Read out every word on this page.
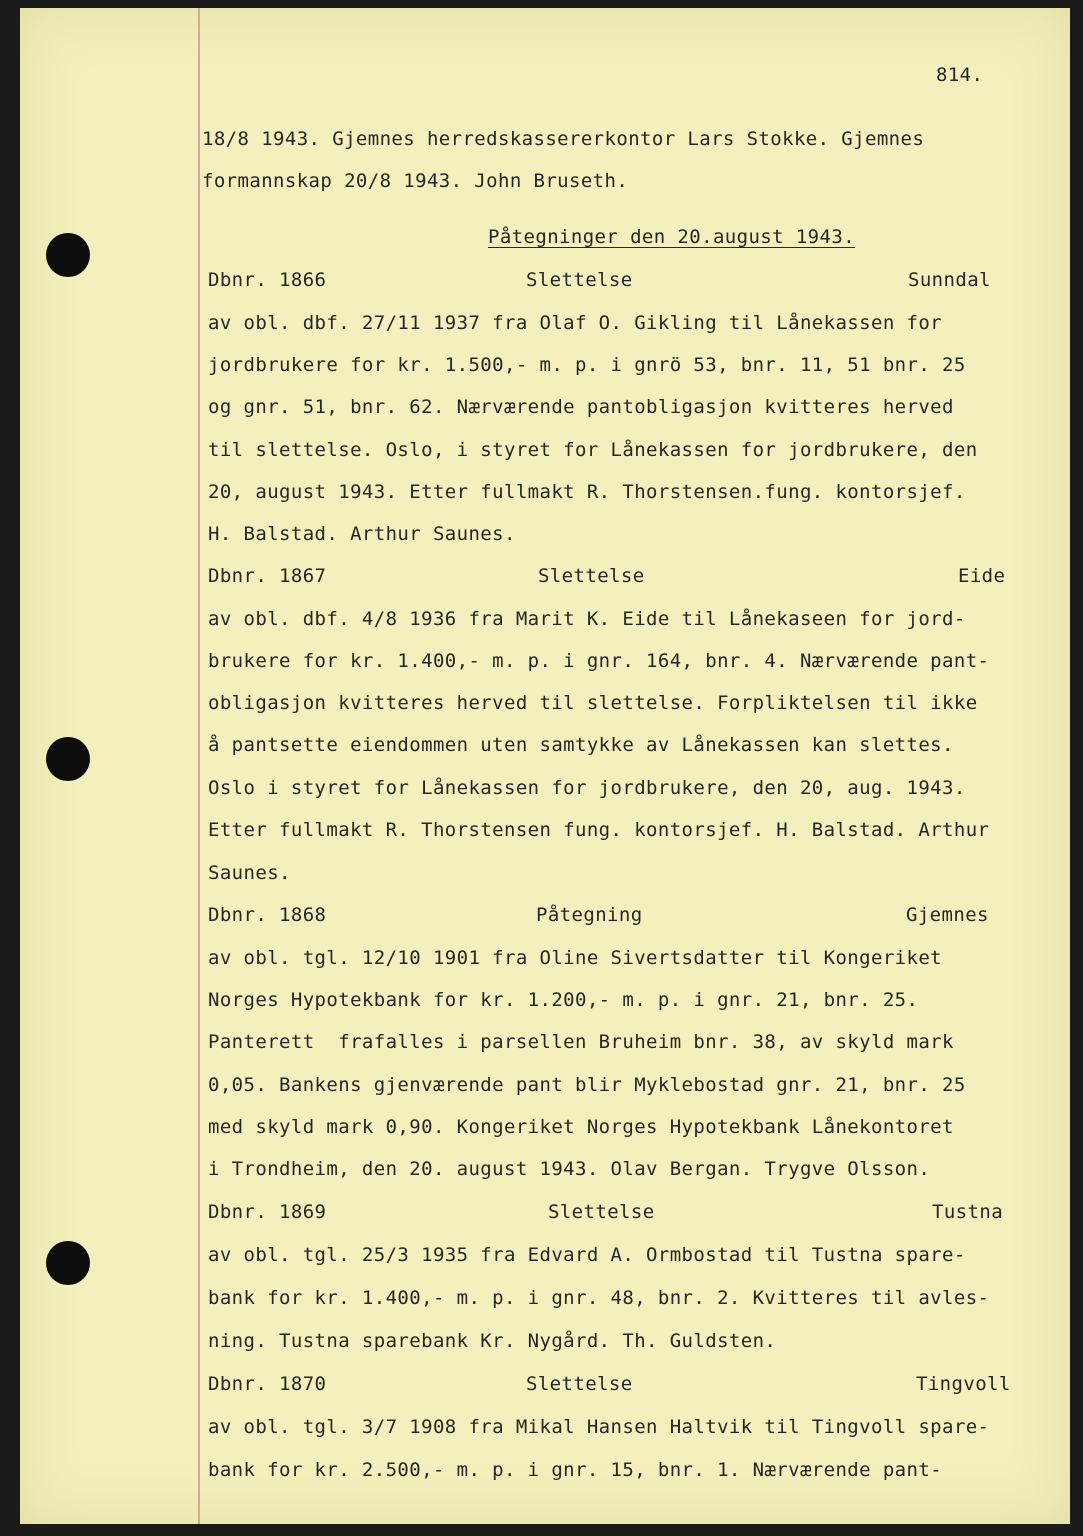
814.
18/8 1943. Gjemnes herredskassererkontor Lars Stokke. Gjemnes
formannskap 20/8 1943. John Bruseth.
Påtegninger den 20.august 1943.
Dbnr. 1866	Slettelse	Sunndal
av obl. dbf. 27/11 1937 fra Olaf O. Gikling til Lånekassen for
jordbrukere for kr. 1.500,- m. p. i gnrö 53, bnr. 11, 51 bnr. 25
og gnr. 51, bnr. 62. Nærværende pantobligasjon kvitteres herved
til slettelse. Oslo, i styret for Lånekassen for jordbrukere, den
20, august 1943. Etter fullmakt R. Thorstensen.fung. kontorsjef.
H. Balstad. Arthur Saunes.
Dbnr. 1867	Slettelse	Eide
av obl. dbf. 4/8 1936 fra Marit K. Eide til Lånekaseen for jord-
brukere for kr. 1.400,- m. p. i gnr. 164, bnr. 4. Nærværende pant-
obligasjon kvitteres herved til slettelse. Forpliktelsen til ikke
å pantsette eiendommen uten samtykke av Lånekassen kan slettes.
Oslo i styret for Lånekassen for jordbrukere, den 20, aug. 1943.
Etter fullmakt R. Thorstensen fung. kontorsjef. H. Balstad. Arthur
Saunes.
Dbnr. 1868	Påtegning	Gjemnes
av obl. tgl. 12/10 1901 fra Oline Sivertsdatter til Kongeriket
Norges Hypotekbank for kr. 1.200,- m. p. i gnr. 21, bnr. 25.
Panterett  frafalles i parsellen Bruheim bnr. 38, av skyld mark
0,05. Bankens gjenværende pant blir Myklebostad gnr. 21, bnr. 25
med skyld mark 0,90. Kongeriket Norges Hypotekbank Lånekontoret
i Trondheim, den 20. august 1943. Olav Bergan. Trygve Olsson.
Dbnr. 1869	Slettelse	Tustna
av obl. tgl. 25/3 1935 fra Edvard A. Ormbostad til Tustna spare-
bank for kr. 1.400,- m. p. i gnr. 48, bnr. 2. Kvitteres til avles-
ning. Tustna sparebank Kr. Nygård. Th. Guldsten.
Dbnr. 1870	Slettelse	Tingvoll
av obl. tgl. 3/7 1908 fra Mikal Hansen Haltvik til Tingvoll spare-
bank for kr. 2.500,- m. p. i gnr. 15, bnr. 1. Nærværende pant-
